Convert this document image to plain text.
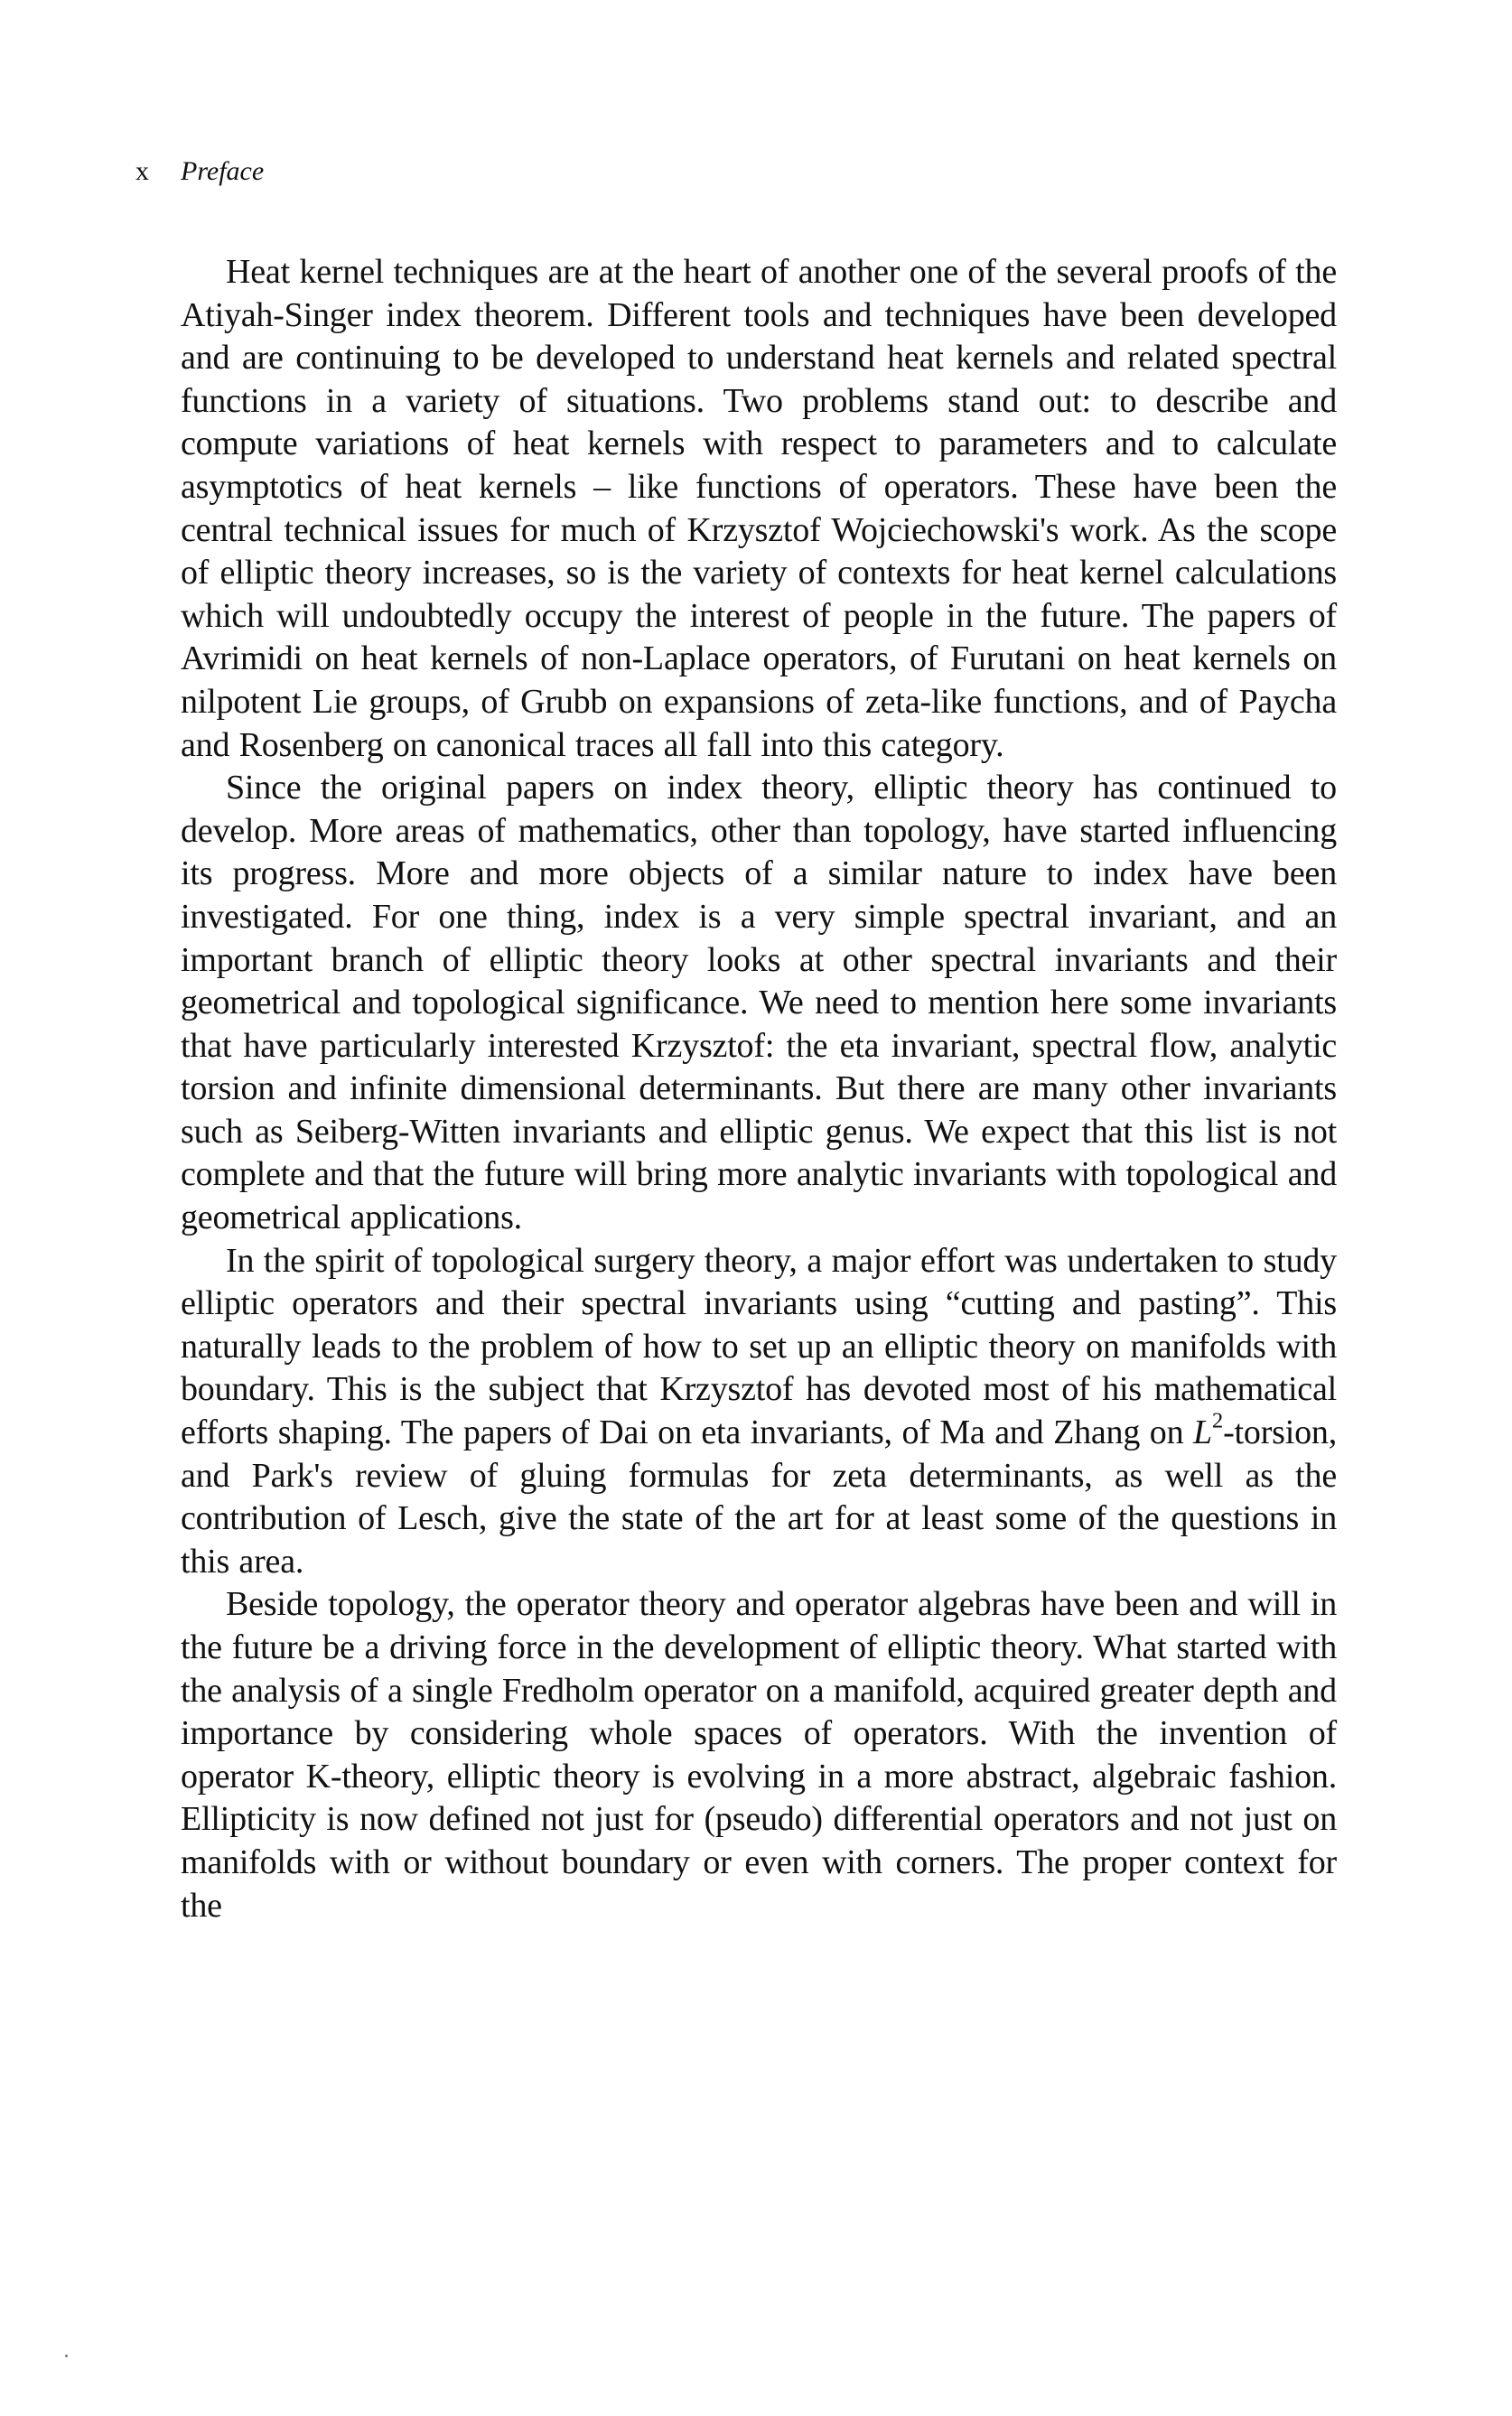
x Preface

Heat kernel techniques are at the heart of another one of the several proofs of the Atiyah-Singer index theorem. Different tools and techniques have been developed and are continuing to be developed to understand heat kernels and related spectral functions in a variety of situations. Two problems stand out: to describe and compute variations of heat kernels with respect to parameters and to calculate asymptotics of heat kernels – like functions of operators. These have been the central technical issues for much of Krzysztof Wojciechowski's work. As the scope of elliptic theory increases, so is the variety of contexts for heat kernel calculations which will undoubtedly occupy the interest of people in the future. The papers of Avrimidi on heat kernels of non-Laplace operators, of Furutani on heat kernels on nilpotent Lie groups, of Grubb on expansions of zeta-like functions, and of Paycha and Rosenberg on canonical traces all fall into this category.

Since the original papers on index theory, elliptic theory has continued to develop. More areas of mathematics, other than topology, have started influencing its progress. More and more objects of a similar nature to index have been investigated. For one thing, index is a very simple spectral invariant, and an important branch of elliptic theory looks at other spectral invariants and their geometrical and topological significance. We need to mention here some invariants that have particularly interested Krzysztof: the eta invariant, spectral flow, analytic torsion and infinite dimensional determinants. But there are many other invariants such as Seiberg-Witten invariants and elliptic genus. We expect that this list is not complete and that the future will bring more analytic invariants with topological and geometrical applications.

In the spirit of topological surgery theory, a major effort was undertaken to study elliptic operators and their spectral invariants using “cutting and pasting”. This naturally leads to the problem of how to set up an elliptic theory on manifolds with boundary. This is the subject that Krzysztof has devoted most of his mathematical efforts shaping. The papers of Dai on eta invariants, of Ma and Zhang on $L^2$-torsion, and Park's review of gluing formulas for zeta determinants, as well as the contribution of Lesch, give the state of the art for at least some of the questions in this area.

Beside topology, the operator theory and operator algebras have been and will in the future be a driving force in the development of elliptic theory. What started with the analysis of a single Fredholm operator on a manifold, acquired greater depth and importance by considering whole spaces of operators. With the invention of operator K-theory, elliptic theory is evolving in a more abstract, algebraic fashion. Ellipticity is now defined not just for (pseudo) differential operators and not just on manifolds with or without boundary or even with corners. The proper context for the
